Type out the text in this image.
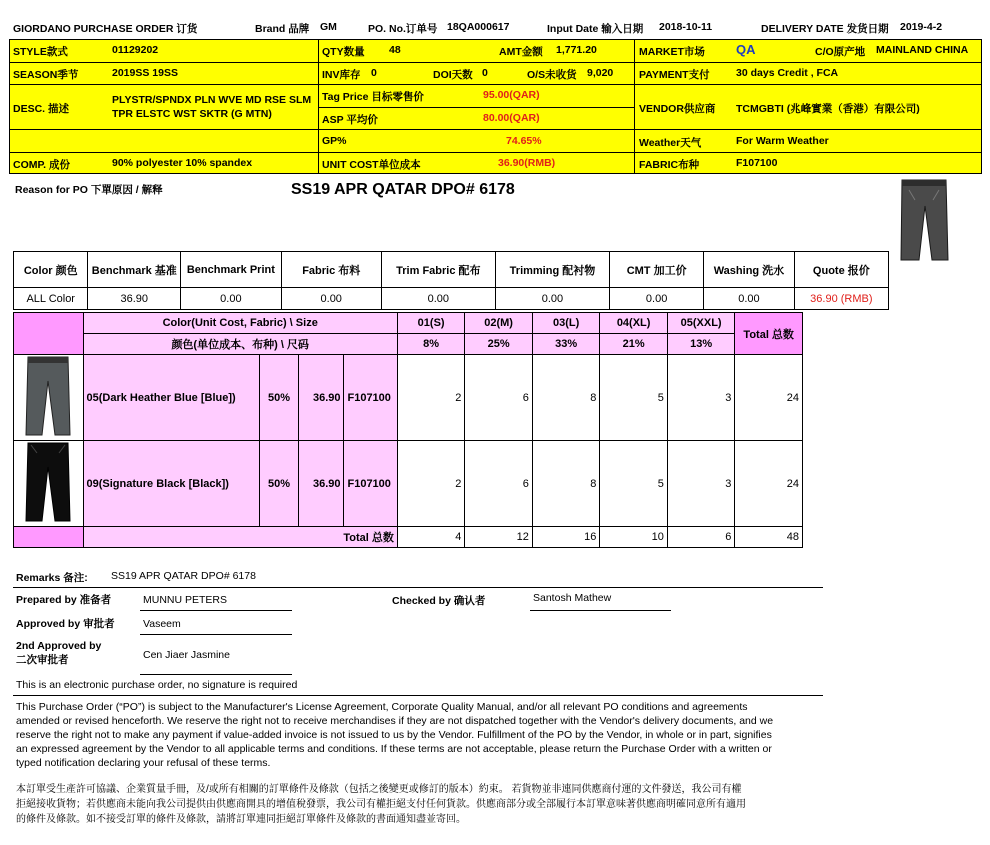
GIORDANO PURCHASE ORDER 订货	Brand 品牌 GM	PO. No.订单号 18QA000617	Input Date 输入日期 2018-10-11	DELIVERY DATE 发货日期 2019-4-2
STYLE款式	01129202	QTY数量 48	AMT金额 1,771.20	MARKET市场 QA	C/O原产地 MAINLAND CHINA
SEASON季节	2019SS 19SS	INV库存 0	DOI天数 0	O/S未收货 9,020 PAYMENT支付	30 days Credit , FCA
DESC. 描述
PLYSTR/SPNDX PLN WVE MD RSE SLM
TPR ELSTC WST SKTR (G MTN)
Tag Price 目标零售价	95.00(QAR)
ASP 平均价	80.00(QAR)
VENDOR供应商 TCMGBTI (兆峰實業（香港）有限公司)
GP%	74.65%	Weather天气	For Warm Weather
COMP. 成份	90% polyester 10% spandex	UNIT COST单位成本	36.90(RMB)	FABRIC布种	F107100
Reason for PO 下單原因 / 解释	SS19 APR QATAR DPO# 6178
Color 颜色	Benchmark 基准	Benchmark Print	Fabric 布料	Trim Fabric 配布	Trimming 配衬物	CMT 加工价	Washing 洗水	Quote 报价
ALL Color	36.90	0.00	0.00	0.00	0.00	0.00	0.00	36.90 (RMB)
	Color(Unit Cost, Fabric) \ Size				01(S)	02(M)	03(L)	04(XL)	05(XXL)	Total 总数
	颜色(单位成本、布种) \ 尺码				8%	25%	33%	21%	13%	
	05(Dark Heather Blue [Blue])	50%	36.90	F107100	2	6	8	5	3	24
	09(Signature Black [Black])	50%	36.90	F107100	2	6	8	5	3	24
	Total 总数				4	12	16	10	6	48
Remarks 备注: SS19 APR QATAR DPO# 6178
Prepared by 准备者	MUNNU PETERS	Checked by 确认者	Santosh Mathew
Approved by 审批者	Vaseem
2nd Approved by
二次审批者	Cen Jiaer Jasmine
This is an electronic purchase order, no signature is required
This Purchase Order (“PO”) is subject to the Manufacturer's License Agreement, Corporate Quality Manual, and/or all relevant PO conditions and agreements
amended or revised henceforth. We reserve the right not to receive merchandises if they are not dispatched together with the Vendor's delivery documents, and we
reserve the right not to make any payment if value-added invoice is not issued to us by the Vendor. Fulfillment of the PO by the Vendor, in whole or in part, signifies
an expressed agreement by the Vendor to all applicable terms and conditions. If these terms are not acceptable, please return the Purchase Order with a written or
typed notification declaring your refusal of these terms.
本訂單受生產許可協議、企業質量手冊，及/或所有相關的訂單條件及條款（包括之後變更或修訂的版本）約束。 若貨物並非連同供應商付運的文件發送，我公司有權
拒絕接收貨物；若供應商未能向我公司提供由供應商開具的增值稅發票，我公司有權拒絕支付任何貨款。供應商部分或全部履行本訂單意味著供應商明確同意所有適用
的條件及條款。如不接受訂單的條件及條款，請將訂單連同拒絕訂單條件及條款的書面通知盡並寄回。
